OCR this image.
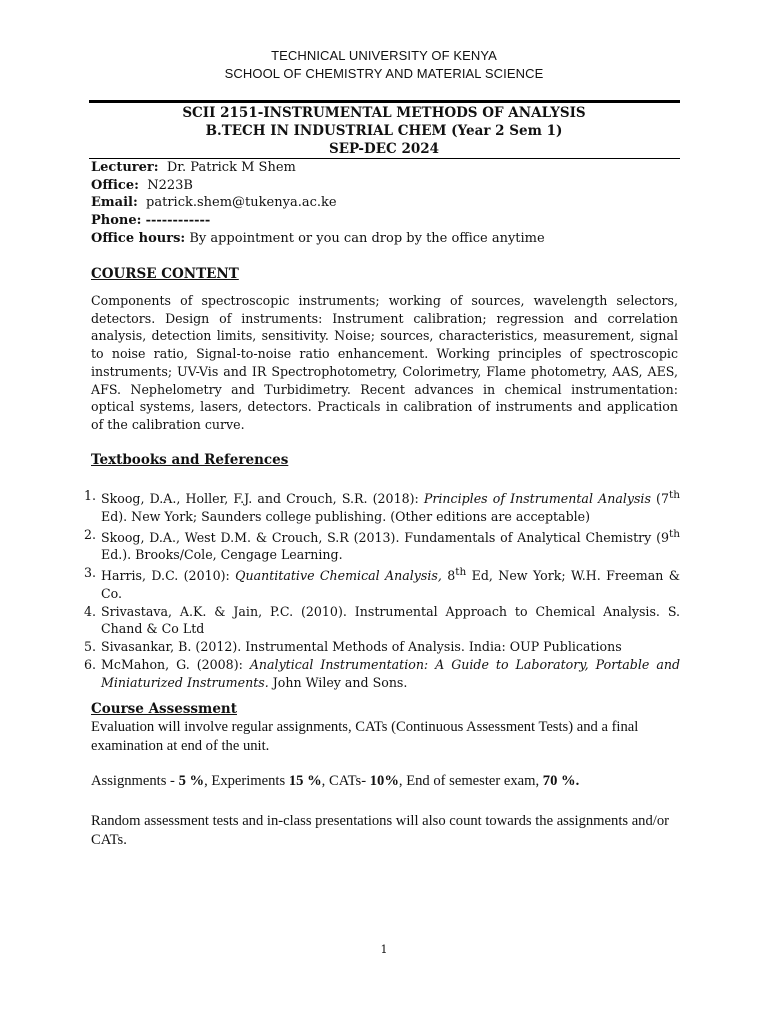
TECHNICAL UNIVERSITY OF KENYA
SCHOOL OF CHEMISTRY AND MATERIAL SCIENCE
SCII 2151-INSTRUMENTAL METHODS OF ANALYSIS
B.TECH IN INDUSTRIAL CHEM (Year 2 Sem 1)
SEP-DEC 2024
Lecturer: Dr. Patrick M Shem
Office: N223B
Email: patrick.shem@tukenya.ac.ke
Phone: ------------
Office hours: By appointment or you can drop by the office anytime
COURSE CONTENT
Components of spectroscopic instruments; working of sources, wavelength selectors, detectors. Design of instruments: Instrument calibration; regression and correlation analysis, detection limits, sensitivity. Noise; sources, characteristics, measurement, signal to noise ratio, Signal-to-noise ratio enhancement. Working principles of spectroscopic instruments; UV-Vis and IR Spectrophotometry, Colorimetry, Flame photometry, AAS, AES, AFS. Nephelometry and Turbidimetry. Recent advances in chemical instrumentation: optical systems, lasers, detectors. Practicals in calibration of instruments and application of the calibration curve.
Textbooks and References
1. Skoog, D.A., Holler, F.J. and Crouch, S.R. (2018): Principles of Instrumental Analysis (7th Ed). New York; Saunders college publishing. (Other editions are acceptable)
2. Skoog, D.A., West D.M. & Crouch, S.R (2013). Fundamentals of Analytical Chemistry (9th Ed.). Brooks/Cole, Cengage Learning.
3. Harris, D.C. (2010): Quantitative Chemical Analysis, 8th Ed, New York; W.H. Freeman & Co.
4. Srivastava, A.K. & Jain, P.C. (2010). Instrumental Approach to Chemical Analysis. S. Chand & Co Ltd
5. Sivasankar, B. (2012). Instrumental Methods of Analysis. India: OUP Publications
6. McMahon, G. (2008): Analytical Instrumentation: A Guide to Laboratory, Portable and Miniaturized Instruments. John Wiley and Sons.
Course Assessment
Evaluation will involve regular assignments, CATs (Continuous Assessment Tests) and a final examination at end of the unit.
Assignments - 5 %, Experiments 15 %, CATs- 10%, End of semester exam, 70 %.
Random assessment tests and in-class presentations will also count towards the assignments and/or CATs.
1
